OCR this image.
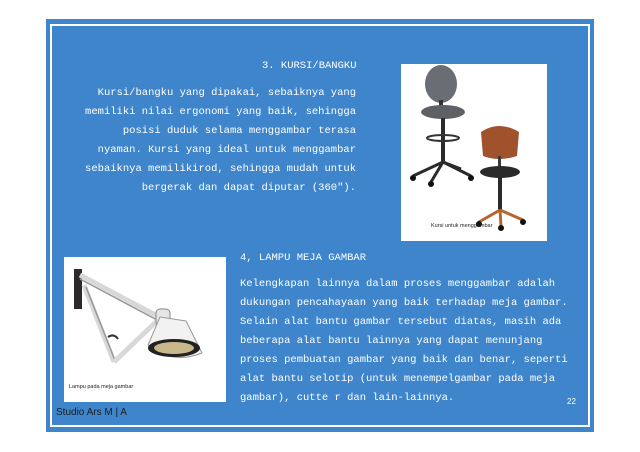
3. KURSI/BANGKU
Kursi/bangku yang dipakai, sebaiknya yang
memiliki nilai ergonomi yang baik, sehingga
posisi duduk selama menggambar terasa
nyaman. Kursi yang ideal untuk menggambar
sebaiknya memilikirod, sehingga mudah untuk
bergerak dan dapat diputar (360").
Kursi untuk menggambar
4, LAMPU MEJA GAMBAR
Lampu pada meja gambar
Kelengkapan lainnya dalam proses menggambar adalah
dukungan pencahayaan yang baik terhadap meja gambar.
Selain alat bantu gambar tersebut diatas, masih ada
beberapa alat bantu lainnya yang dapat menunjang
proses pembuatan gambar yang baik dan benar, seperti
alat bantu selotip (untuk menempelgambar pada meja
gambar), cutte r dan lain-lainnya.
Studio Ars M | A
22
